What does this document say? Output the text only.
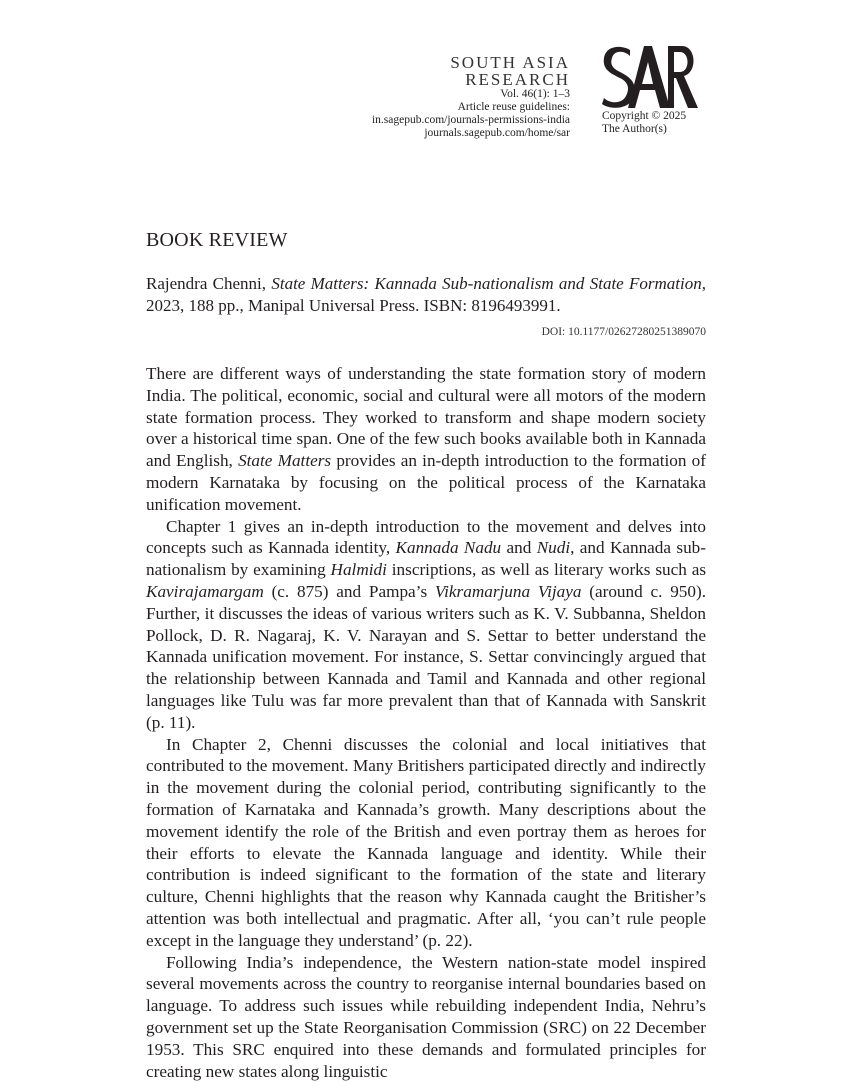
SOUTH ASIA
RESEARCH
Vol. 46(1): 1–3
Article reuse guidelines:
in.sagepub.com/journals-permissions-india
journals.sagepub.com/home/sar
Copyright © 2025
The Author(s)
BOOK REVIEW
Rajendra Chenni, State Matters: Kannada Sub-nationalism and State Formation, 2023, 188 pp., Manipal Universal Press. ISBN: 8196493991.
DOI: 10.1177/02627280251389070

There are different ways of understanding the state formation story of modern India. The political, economic, social and cultural were all motors of the modern state formation process. They worked to transform and shape modern society over a historical time span. One of the few such books available both in Kannada and English, State Matters provides an in-depth introduction to the formation of modern Karnataka by focusing on the political process of the Karnataka unification movement.

Chapter 1 gives an in-depth introduction to the movement and delves into concepts such as Kannada identity, Kannada Nadu and Nudi, and Kannada sub-nationalism by examining Halmidi inscriptions, as well as literary works such as Kavirajamargam (c. 875) and Pampa’s Vikramarjuna Vijaya (around c. 950). Further, it discusses the ideas of various writers such as K. V. Subbanna, Sheldon Pollock, D. R. Nagaraj, K. V. Narayan and S. Settar to better understand the Kannada unification movement. For instance, S. Settar convincingly argued that the relationship between Kannada and Tamil and Kannada and other regional languages like Tulu was far more prevalent than that of Kannada with Sanskrit (p. 11).

In Chapter 2, Chenni discusses the colonial and local initiatives that contributed to the movement. Many Britishers participated directly and indirectly in the movement during the colonial period, contributing significantly to the formation of Karnataka and Kannada’s growth. Many descriptions about the movement identify the role of the British and even portray them as heroes for their efforts to elevate the Kannada language and identity. While their contribution is indeed significant to the formation of the state and literary culture, Chenni highlights that the reason why Kannada caught the Britisher’s attention was both intellectual and pragmatic. After all, ‘you can’t rule people except in the language they understand’ (p. 22).

Following India’s independence, the Western nation-state model inspired several movements across the country to reorganise internal boundaries based on language. To address such issues while rebuilding independent India, Nehru’s government set up the State Reorganisation Commission (SRC) on 22 December 1953. This SRC enquired into these demands and formulated principles for creating new states along linguistic
